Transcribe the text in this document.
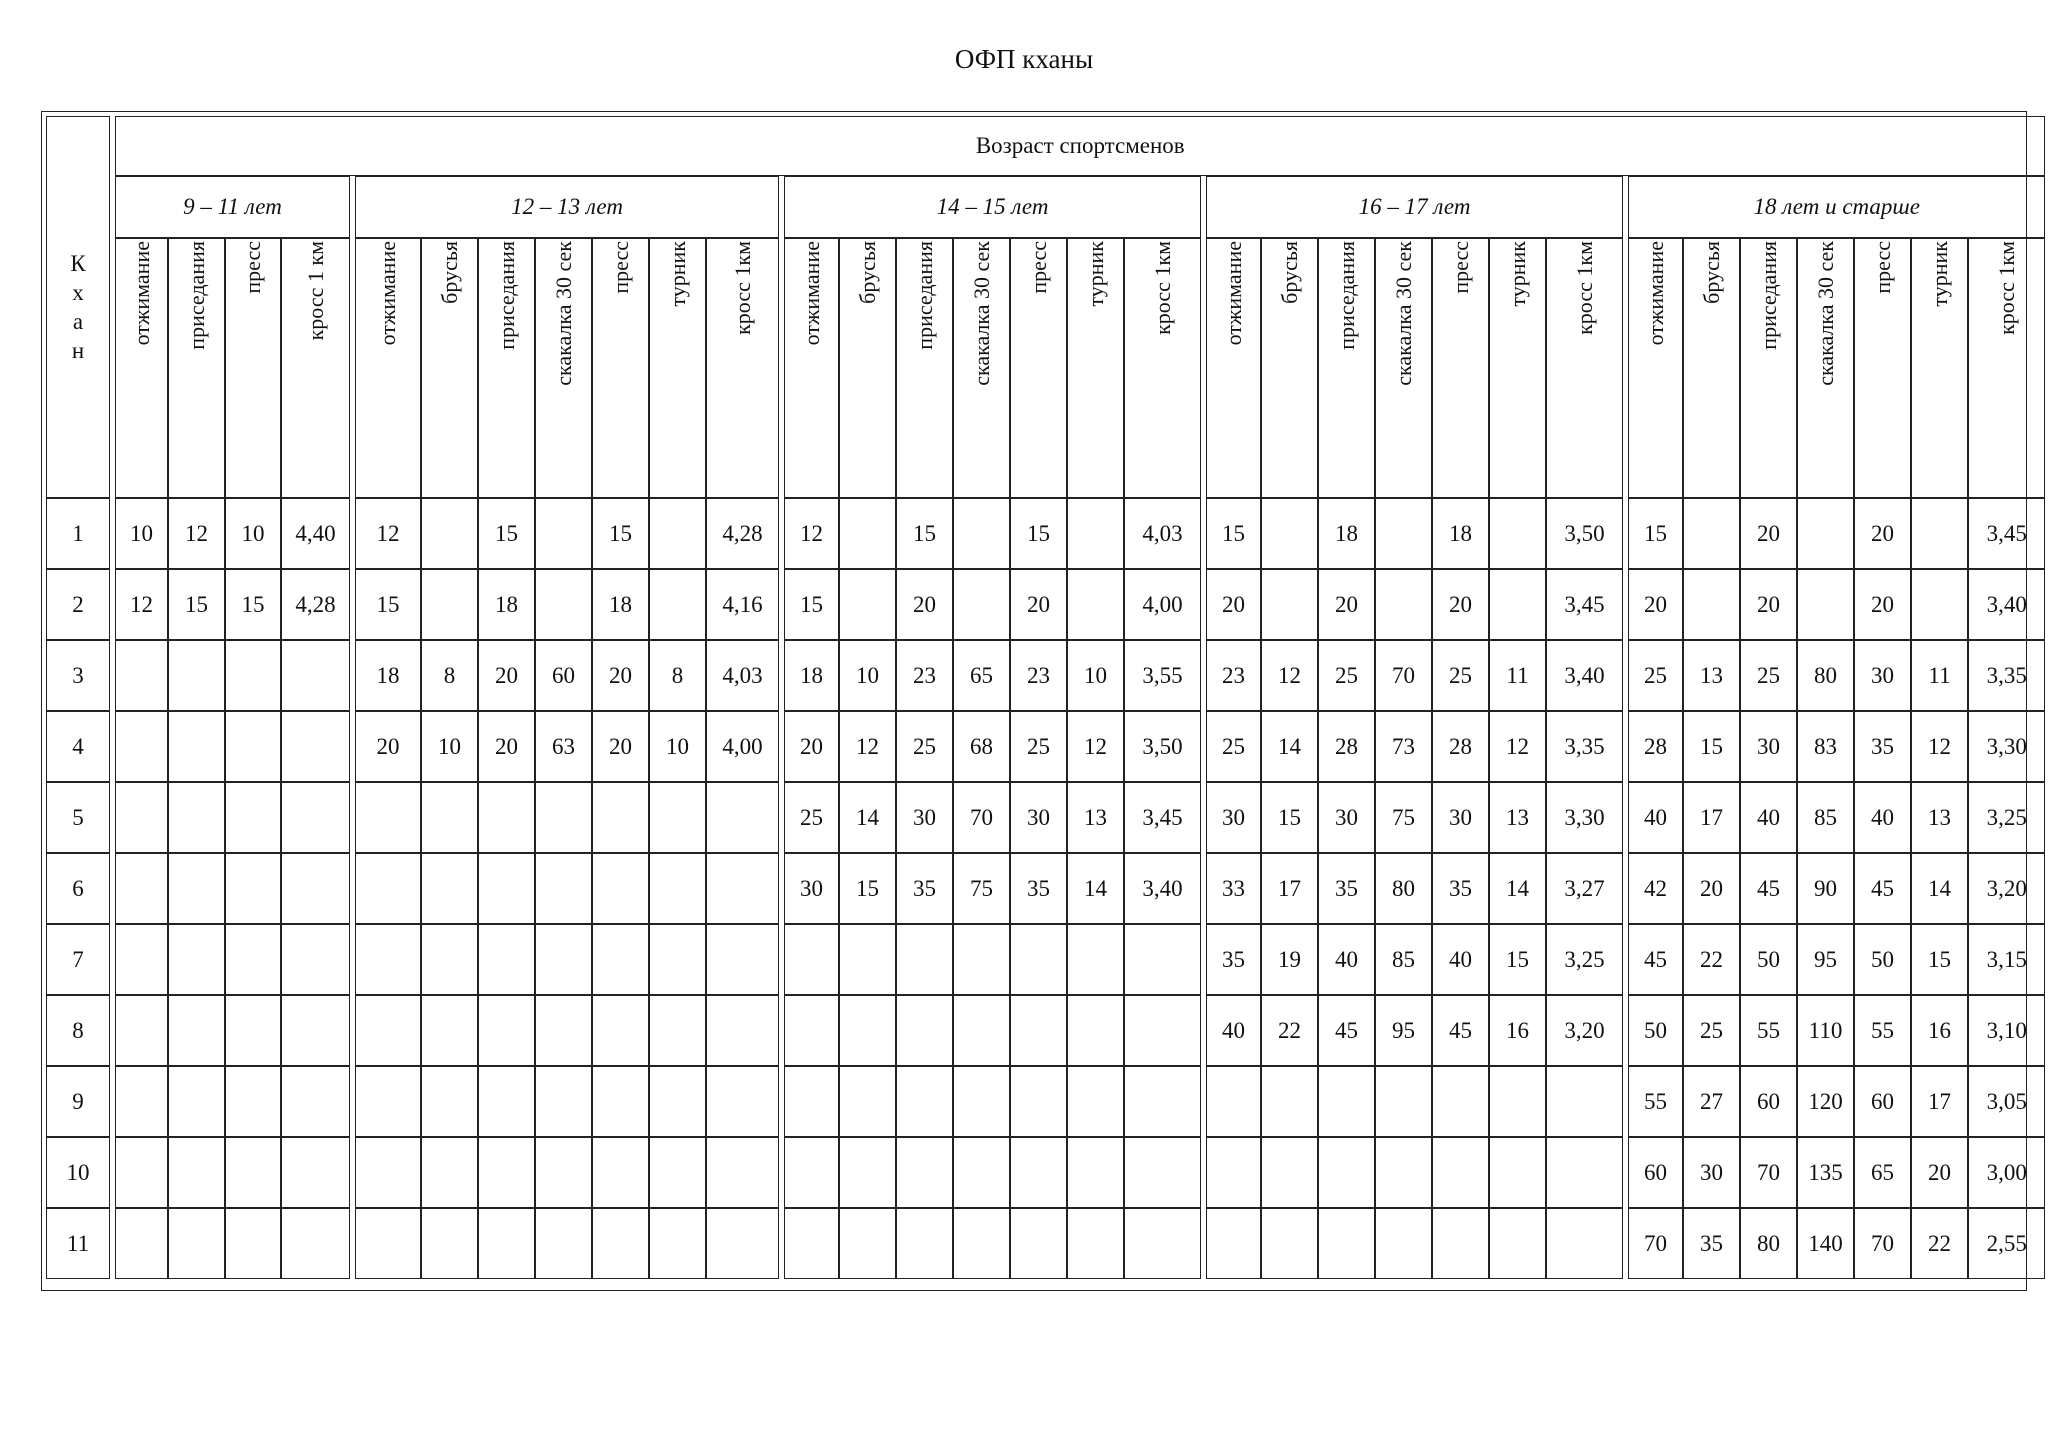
ОФП кханы
К
х
а
н		Возраст спортсменов																																			
		9 – 11 лет					12 – 13 лет								14 – 15 лет								16 – 17 лет								18 лет и старше						

		отжимание	приседания	пресс	кросс 1 км		отжимание	брусья	приседания	скакалка 30 сек	пресс	турник	кросс 1км		отжимание	брусья	приседания	скакалка 30 сек	пресс	турник	кросс 1км		отжимание	брусья	приседания	скакалка 30 сек	пресс	турник	кросс 1км		отжимание	брусья	приседания	скакалка 30 сек	пресс	турник	кросс 1км

1		10	12	10	4,40		12		15		15		4,28		12		15		15		4,03		15		18		18		3,50		15		20		20		3,45
2		12	15	15	4,28		15		18		18		4,16		15		20		20		4,00		20		20		20		3,45		20		20		20		3,40
3							18	8	20	60	20	8	4,03		18	10	23	65	23	10	3,55		23	12	25	70	25	11	3,40		25	13	25	80	30	11	3,35
4							20	10	20	63	20	10	4,00		20	12	25	68	25	12	3,50		25	14	28	73	28	12	3,35		28	15	30	83	35	12	3,30
5															25	14	30	70	30	13	3,45		30	15	30	75	30	13	3,30		40	17	40	85	40	13	3,25
6															30	15	35	75	35	14	3,40		33	17	35	80	35	14	3,27		42	20	45	90	45	14	3,20
7																							35	19	40	85	40	15	3,25		45	22	50	95	50	15	3,15
8																							40	22	45	95	45	16	3,20		50	25	55	110	55	16	3,10
9																															55	27	60	120	60	17	3,05
10																															60	30	70	135	65	20	3,00
11																															70	35	80	140	70	22	2,55
